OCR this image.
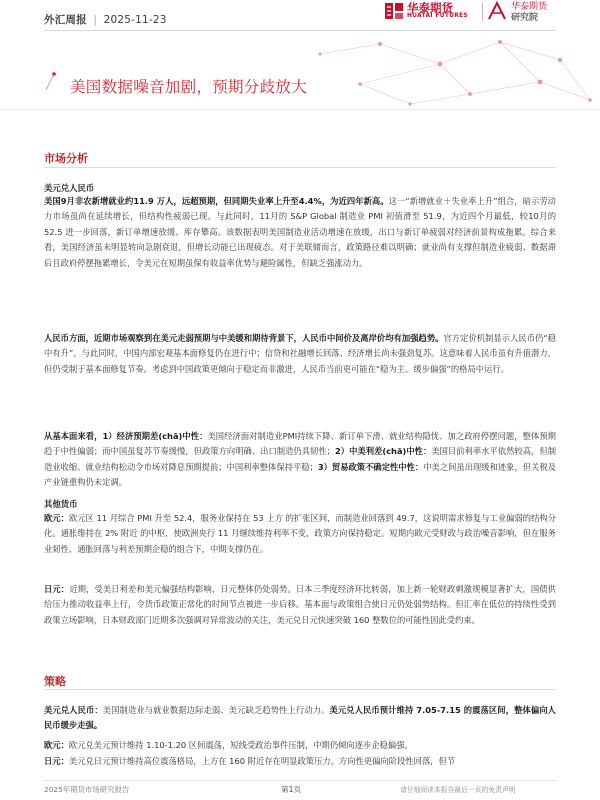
外汇周报 | 2025-11-23
华泰期货
HUATAI FUTURES
华泰期货
研究院
美国数据噪音加剧，预期分歧放大
市场分析
美元兑人民币
美国9月非农新增就业约11.9 万人，远超预期，但同期失业率上升至4.4%，为近四年新高。这一“新增就业＋失业率上升”组合，暗示劳动力市场虽尚在延续增长，但结构性疲弱已现。与此同时，11月的 S&P Global 制造业 PMI 初值滑至 51.9，为近四个月最低，较10月的 52.5 进一步回落，新订单增速放缓、库存攀高。该数据表明美国制造业活动增速在放缓，出口与新订单疲弱对经济前景构成拖累。综合来看，美国经济虽未明显转向急剧衰退，但增长动能已出现疲态。对于美联储而言，政策路径难以明确；就业尚有支撑但制造业疲弱、数据滞后且政府停摆拖累增长，令美元在短期虽保有收益率优势与避险属性，但缺乏强涨动力。
人民币方面，近期市场观察到在美元走弱预期与中美缓和期待背景下，人民币中间价及离岸价均有加强趋势。官方定价机制显示人民币仍“稳中有升”。与此同时，中国内部宏观基本面修复仍在进行中；信贷和社融增长回落、经济增长尚未强劲复苏。这意味着人民币虽有升值潜力，但仍受制于基本面修复节奏。考虑到中国政策更倾向于稳定而非激进，人民币当前更可能在“稳为主、缓步偏强”的格局中运行。
从基本面来看，1）经济预期差(chā)中性：美国经济面对制造业PMI持续下降、新订单下滑、就业结构隐忧、加之政府停摆问题，整体预期趋于中性偏弱；而中国虽复苏节奏缓慢，但政策方向明确、出口制造仍具韧性；2）中美利差(chā)中性：美国目前利率水平依然较高，但制造业收缩、就业结构松动令市场对降息预期提前；中国利率整体保持平稳；3）贸易政策不确定性中性：中美之间虽出现缓和迹象，但关税及产业链重构仍未定调。
其他货币
欧元：欧元区 11 月综合 PMI 升至 52.4，服务业保持在 53 上方 的扩张区间，而制造业回落到 49.7，这说明需求修复与工业偏弱的结构分化。通胀维持在 2% 附近 的中枢，使欧洲央行 11 月继续维持利率不变，政策方向保持稳定。短期内欧元受财政与政治噪音影响，但在服务业韧性、通胀回落与利差预期企稳的组合下，中期支撑仍在。
日元：近期，受美日利差和美元偏强结构影响，日元整体仍处弱势。日本三季度经济环比转弱，加上新一轮财政刺激规模显著扩大，国债供给压力推动收益率上行，令货币政策正常化的时间节点被进一步后移。基本面与政策组合使日元仍处弱势结构。但汇率在低位的持续性受到政策立场影响，日本财政部门近期多次强调对异常波动的关注，美元兑日元快速突破 160 整数位的可能性因此受约束。
策略
美元兑人民币：美国制造业与就业数据边际走弱、美元缺乏趋势性上行动力。美元兑人民币预计维持 7.05-7.15 的震荡区间，整体偏向人民币缓步走强。
欧元：欧元兑美元预计维持 1.10-1.20 区间震荡，短线受政治事件压制，中期仍倾向逐步企稳偏强。
日元：美元兑日元预计维持高位震荡格局，上方在 160 附近存在明显政策压力。方向性更偏向阶段性回落，但节
2025年期货市场研究报告	第1页	请仔细阅读本报告最后一页的免责声明
